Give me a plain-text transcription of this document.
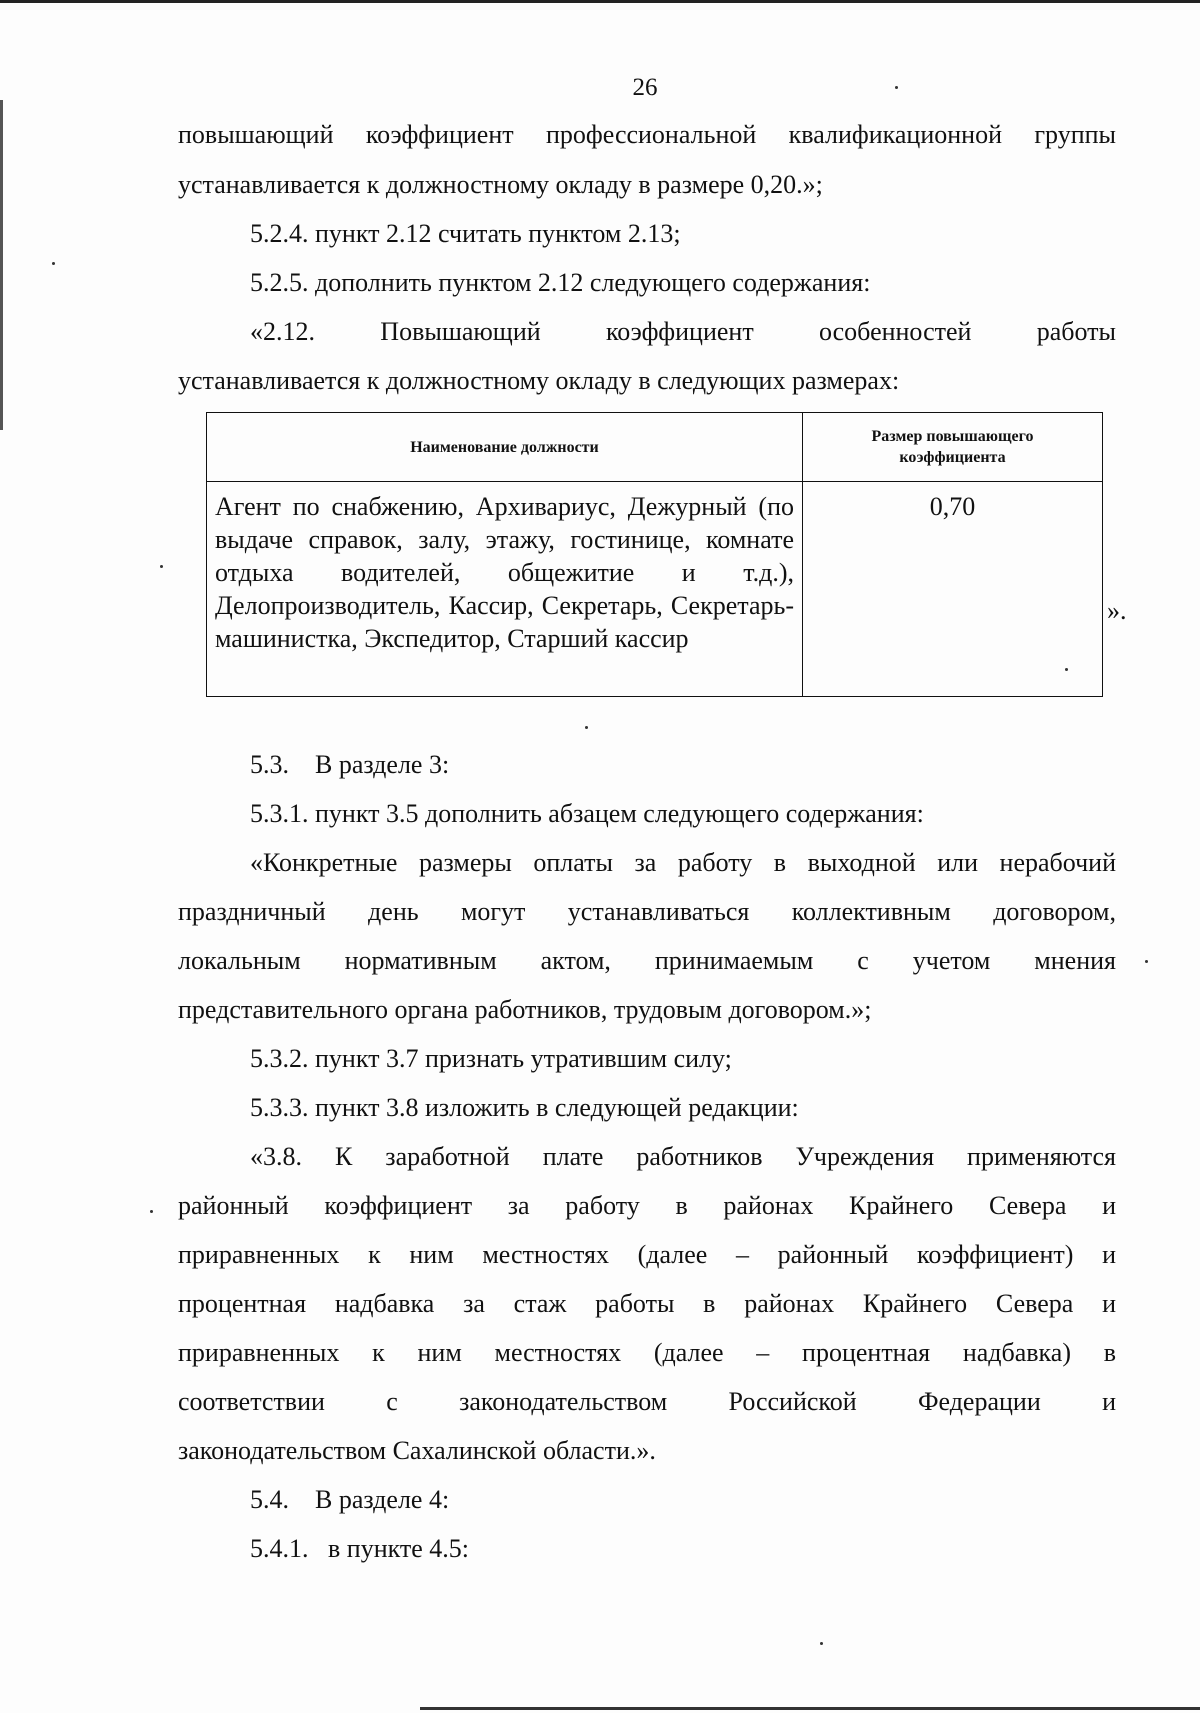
26
повышающий коэффициент профессиональной квалификационной группы
устанавливается к должностному окладу в размере 0,20.»;
5.2.4. пункт 2.12 считать пунктом 2.13;
5.2.5. дополнить пунктом 2.12 следующего содержания:
«2.12. Повышающий коэффициент особенностей работы
устанавливается к должностному окладу в следующих размерах:
Наименование должности	Размер повышающего коэффициента
Агент по снабжению, Архивариус, Дежурный (по выдаче справок, залу, этажу, гостинице, комнате отдыха водителей, общежитие и т.д.), Делопроизводитель, Кассир, Секретарь, Секретарь-машинистка, Экспедитор, Старший кассир	0,70
».
5.3.    В разделе 3:
5.3.1. пункт 3.5 дополнить абзацем следующего содержания:
«Конкретные размеры оплаты за работу в выходной или нерабочий
праздничный день могут устанавливаться коллективным договором,
локальным нормативным актом, принимаемым с учетом мнения
представительного органа работников, трудовым договором.»;
5.3.2. пункт 3.7 признать утратившим силу;
5.3.3. пункт 3.8 изложить в следующей редакции:
«3.8. К заработной плате работников Учреждения применяются
районный коэффициент за работу в районах Крайнего Севера и
приравненных к ним местностях (далее – районный коэффициент) и
процентная надбавка за стаж работы в районах Крайнего Севера и
приравненных к ним местностях (далее – процентная надбавка) в
соответствии с законодательством Российской Федерации и
законодательством Сахалинской области.».
5.4.    В разделе 4:
5.4.1.   в пункте 4.5:
